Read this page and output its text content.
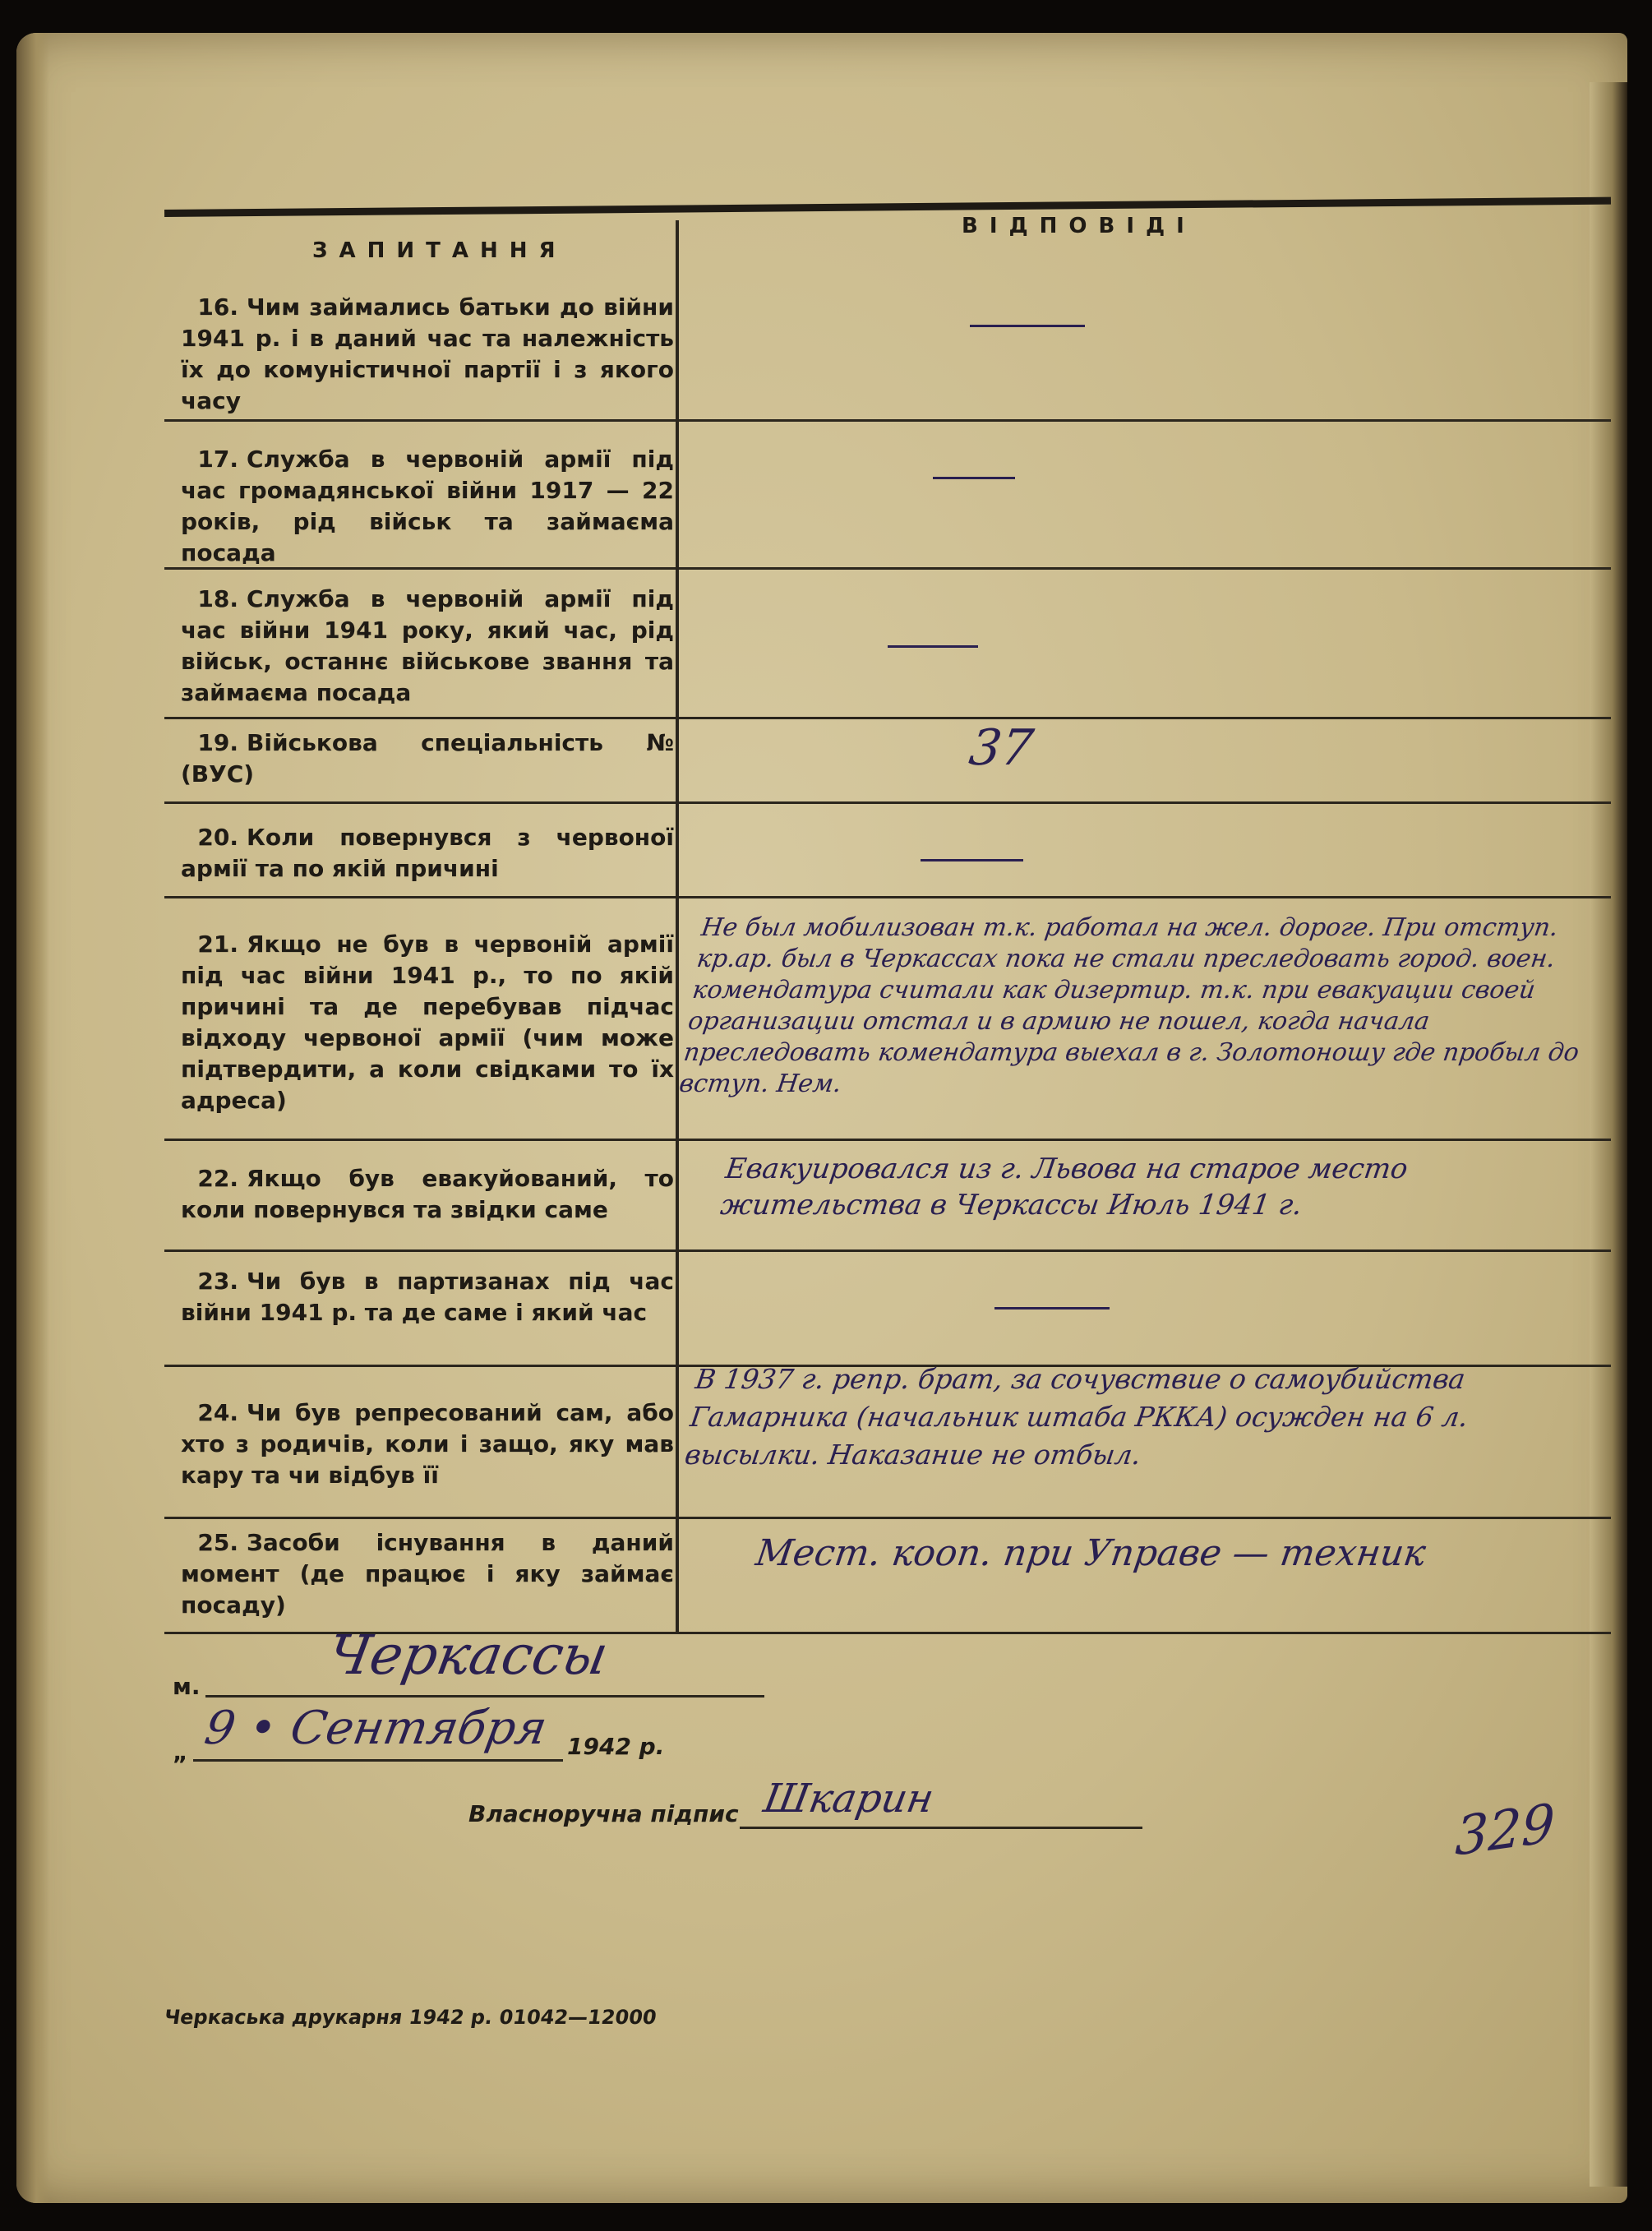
ЗАПИТАННЯ
ВІДПОВІДІ
16. Чим займались батьки до війни 1941 р. і в даний час та належність їх до комуністичної партії і з якого часу
17. Служба в червоній армії під час громадянської війни 1917 — 22 років, рід військ та займаєма посада
18. Служба в червоній армії під час війни 1941 року, який час, рід військ, останнє військове звання та займаєма посада
19. Військова спеціальність № (ВУС)	37
20. Коли повернувся з червоної армії та по якій причині
21. Якщо не був в червоній армії під час війни 1941 р., то по якій причині та де перебував підчас відходу червоної армії (чим може підтвердити, а коли свідками то їх адреса)
Не был мобилизован т.к. работал на жел. дороге. При отступ. кр.ар. был в Черкассах пока не стали преследовать город. воен. комендатура считали как дизертир. т.к. при евакуации своей организации отстал и в армию не пошел, когда начала преследовать комендатура выехал в г. Золотоношу где пробыл до вступ. Нем.
22. Якщо був евакуйований, то коли повернувся та звідки саме
Евакуировался из г. Львова на старое место жительства в Черкассы Июль 1941 г.
23. Чи був в партизанах під час війни 1941 р. та де саме і який час
24. Чи був репресований сам, або хто з родичів, коли і защо, яку мав кару та чи відбув її
В 1937 г. репр. брат, за сочувствие о самоубийства Гамарника (начальник штаба РККА) осужден на 6 л. высылки. Наказание не отбыл.
25. Засоби існування в даний момент (де працює і яку займає посаду)
Мест. кооп. при Управе — техник
м. Черкассы
„ 9 • Сентября 1942 р.
Власноручна підпис Шкарин	329
Черкаська друкарня 1942 р. 01042—12000
